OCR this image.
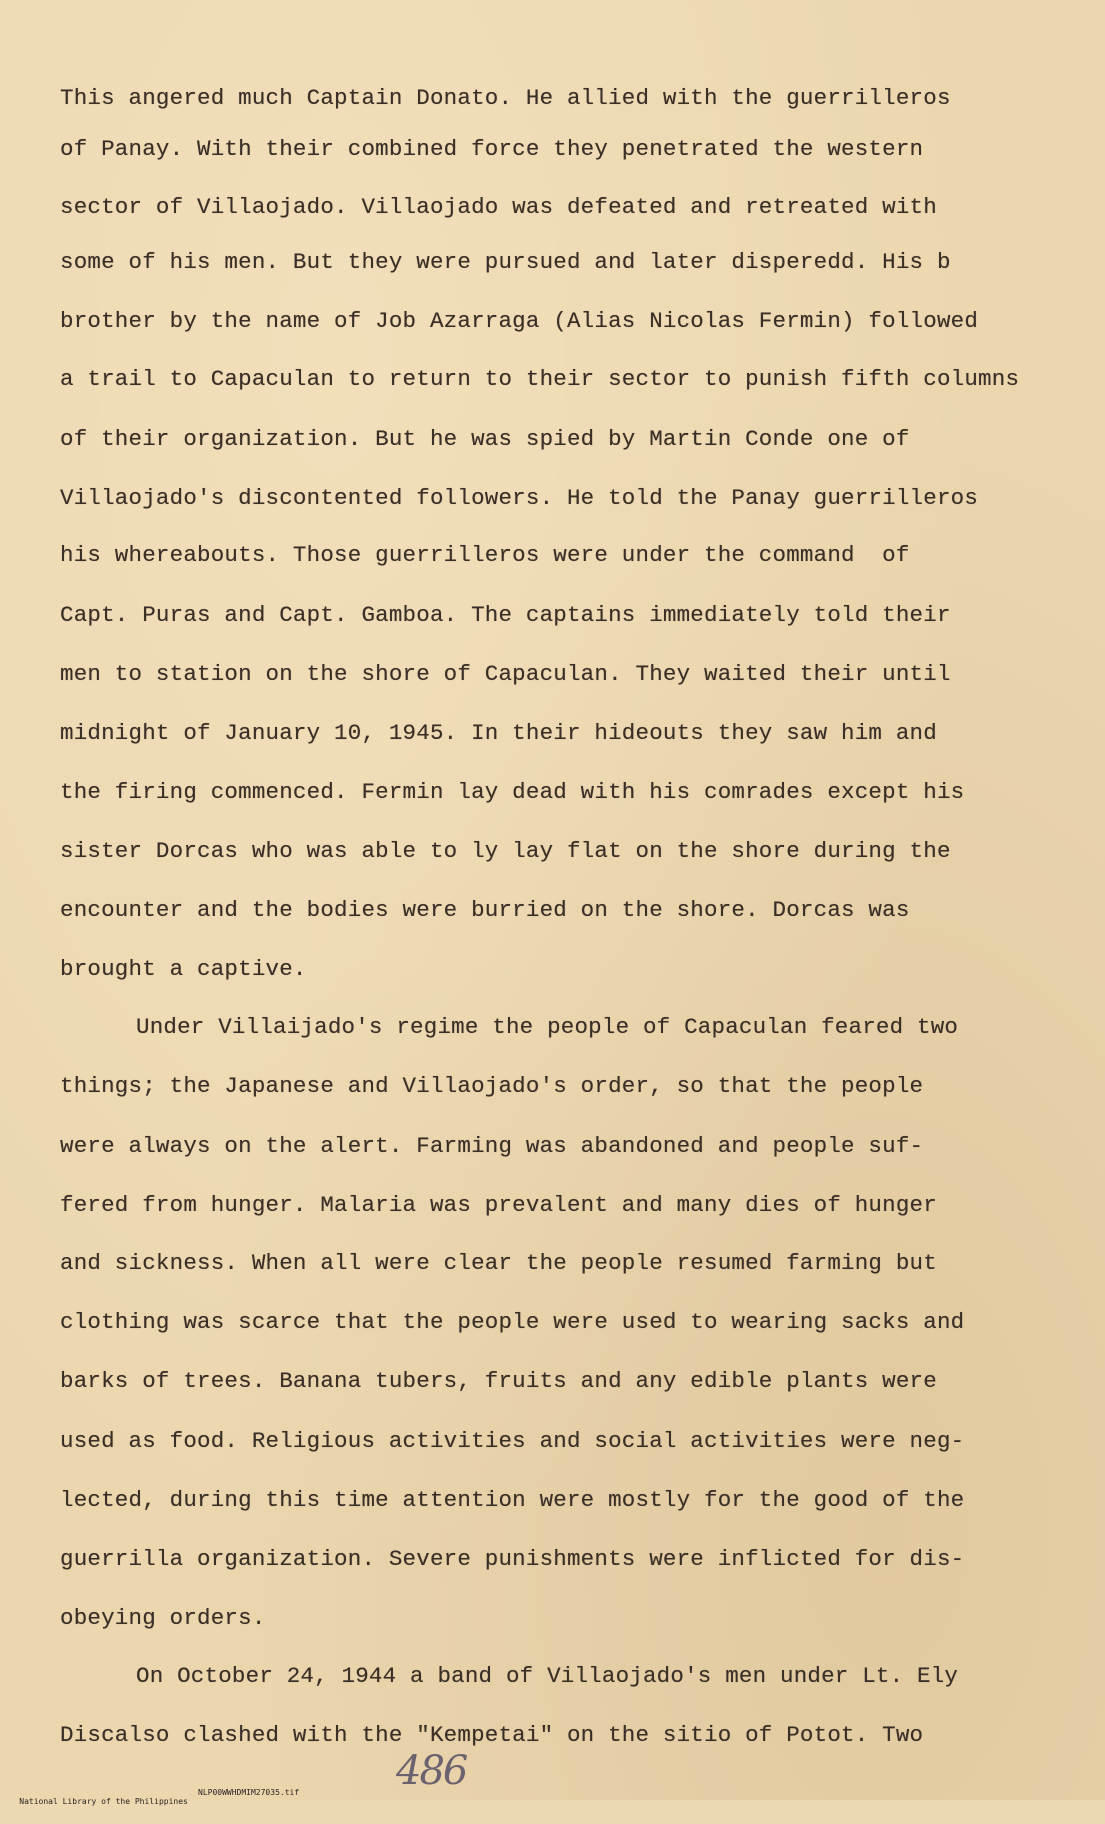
This angered much Captain Donato. He allied with the guerrilleros

of Panay. With their combined force they penetrated the western

sector of Villaojado. Villaojado was defeated and retreated with

some of his men. But they were pursued and later disperedd. His b

brother by the name of Job Azarraga (Alias Nicolas Fermin) followed

a trail to Capaculan to return to their sector to punish fifth columns

of their organization. But he was spied by Martin Conde one of

Villaojado's discontented followers. He told the Panay guerrilleros

his whereabouts. Those guerrilleros were under the command  of

Capt. Puras and Capt. Gamboa. The captains immediately told their

men to station on the shore of Capaculan. They waited their until

midnight of January 10, 1945. In their hideouts they saw him and

the firing commenced. Fermin lay dead with his comrades except his

sister Dorcas who was able to ly lay flat on the shore during the

encounter and the bodies were burried on the shore. Dorcas was

brought a captive.

Under Villaijado's regime the people of Capaculan feared two

things; the Japanese and Villaojado's order, so that the people

were always on the alert. Farming was abandoned and people suf-

fered from hunger. Malaria was prevalent and many dies of hunger

and sickness. When all were clear the people resumed farming but

clothing was scarce that the people were used to wearing sacks and

barks of trees. Banana tubers, fruits and any edible plants were

used as food. Religious activities and social activities were neg-

lected, during this time attention were mostly for the good of the

guerrilla organization. Severe punishments were inflicted for dis-

obeying orders.

On October 24, 1944 a band of Villaojado's men under Lt. Ely

Discalso clashed with the "Kempetai" on the sitio of Potot. Two

486

National Library of the Philippines

NLP00WWHDMIM27035.tif
